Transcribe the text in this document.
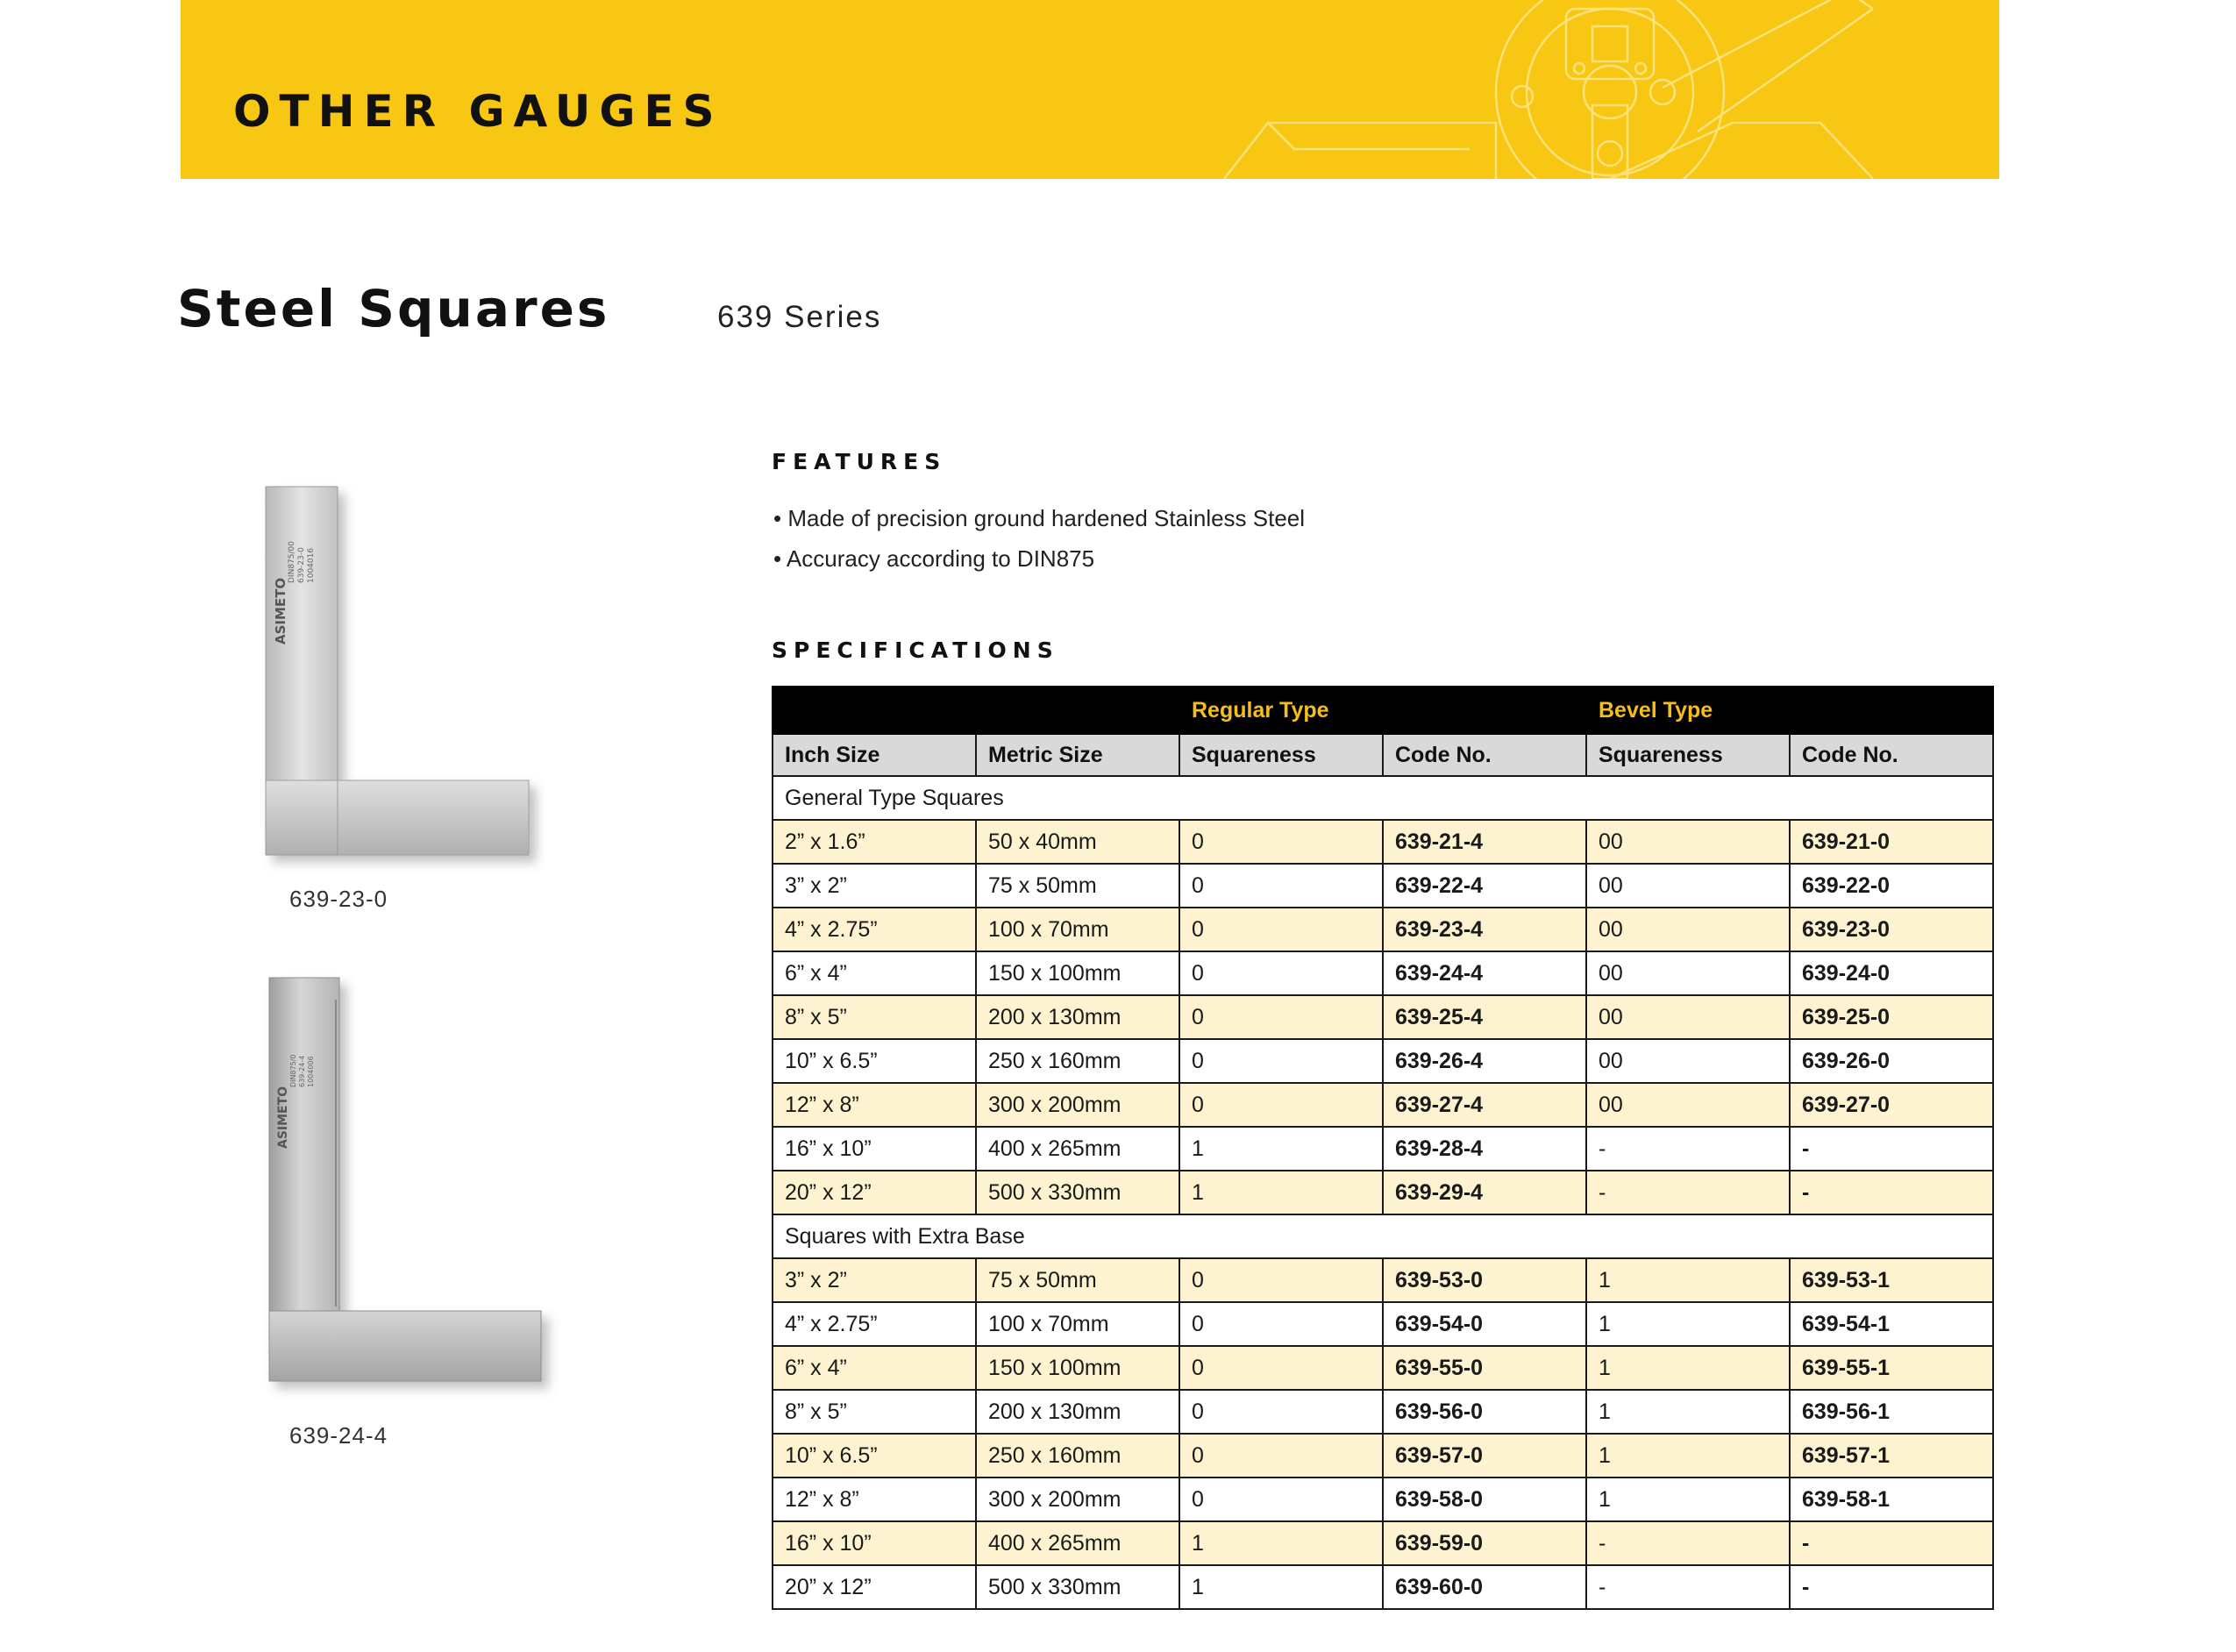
OTHER GAUGES
Steel Squares	639 Series
ASIMETO
DIN875/00 639-23-0 1004016
639-23-0
ASIMETO
DIN875/0 639-24-4 1004006
639-24-4
FEATURES
• Made of precision ground hardened Stainless Steel
• Accuracy according to DIN875
SPECIFICATIONS
		Regular Type		Bevel Type	
Inch Size	Metric Size	Squareness	Code No.	Squareness	Code No.
General Type Squares					
2” x 1.6”	50 x 40mm	0	639-21-4	00	639-21-0
3” x 2”	75 x 50mm	0	639-22-4	00	639-22-0
4” x 2.75”	100 x 70mm	0	639-23-4	00	639-23-0
6” x 4”	150 x 100mm	0	639-24-4	00	639-24-0
8” x 5”	200 x 130mm	0	639-25-4	00	639-25-0
10” x 6.5”	250 x 160mm	0	639-26-4	00	639-26-0
12” x 8”	300 x 200mm	0	639-27-4	00	639-27-0
16” x 10”	400 x 265mm	1	639-28-4	-	-
20” x 12”	500 x 330mm	1	639-29-4	-	-
Squares with Extra Base					
3” x 2”	75 x 50mm	0	639-53-0	1	639-53-1
4” x 2.75”	100 x 70mm	0	639-54-0	1	639-54-1
6” x 4”	150 x 100mm	0	639-55-0	1	639-55-1
8” x 5”	200 x 130mm	0	639-56-0	1	639-56-1
10” x 6.5”	250 x 160mm	0	639-57-0	1	639-57-1
12” x 8”	300 x 200mm	0	639-58-0	1	639-58-1
16” x 10”	400 x 265mm	1	639-59-0	-	-
20” x 12”	500 x 330mm	1	639-60-0	-	-
